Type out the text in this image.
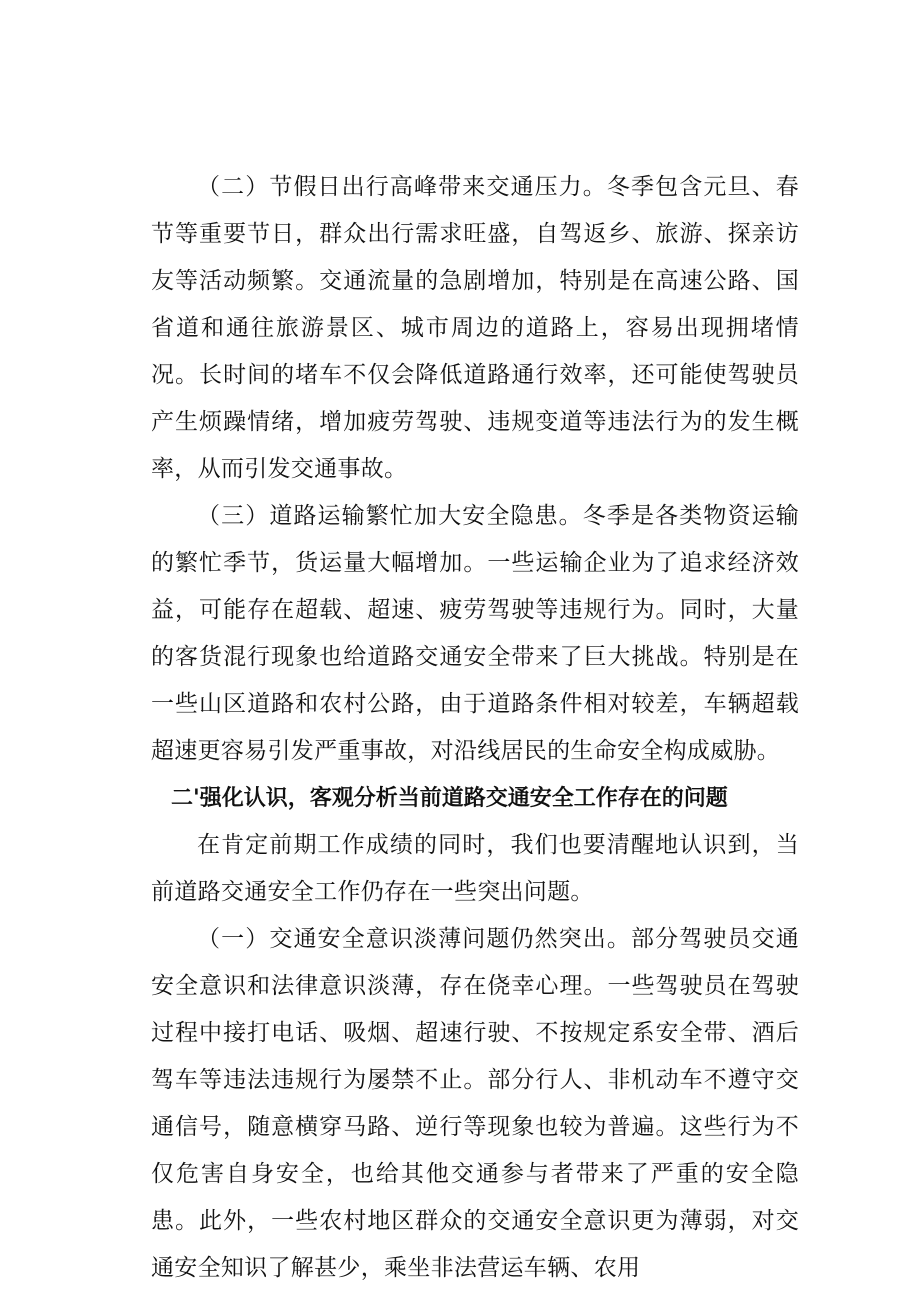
（二）节假日出行高峰带来交通压力。冬季包含元旦、春节等重要节日，群众出行需求旺盛，自驾返乡、旅游、探亲访友等活动频繁。交通流量的急剧增加，特别是在高速公路、国省道和通往旅游景区、城市周边的道路上，容易出现拥堵情况。长时间的堵车不仅会降低道路通行效率，还可能使驾驶员产生烦躁情绪，增加疲劳驾驶、违规变道等违法行为的发生概率，从而引发交通事故。

（三）道路运输繁忙加大安全隐患。冬季是各类物资运输的繁忙季节，货运量大幅增加。一些运输企业为了追求经济效益，可能存在超载、超速、疲劳驾驶等违规行为。同时，大量的客货混行现象也给道路交通安全带来了巨大挑战。特别是在一些山区道路和农村公路，由于道路条件相对较差，车辆超载超速更容易引发严重事故，对沿线居民的生命安全构成威胁。

二'强化认识，客观分析当前道路交通安全工作存在的问题

在肯定前期工作成绩的同时，我们也要清醒地认识到，当前道路交通安全工作仍存在一些突出问题。

（一）交通安全意识淡薄问题仍然突出。部分驾驶员交通安全意识和法律意识淡薄，存在侥幸心理。一些驾驶员在驾驶过程中接打电话、吸烟、超速行驶、不按规定系安全带、酒后驾车等违法违规行为屡禁不止。部分行人、非机动车不遵守交通信号，随意横穿马路、逆行等现象也较为普遍。这些行为不仅危害自身安全，也给其他交通参与者带来了严重的安全隐患。此外，一些农村地区群众的交通安全意识更为薄弱，对交通安全知识了解甚少，乘坐非法营运车辆、农用
